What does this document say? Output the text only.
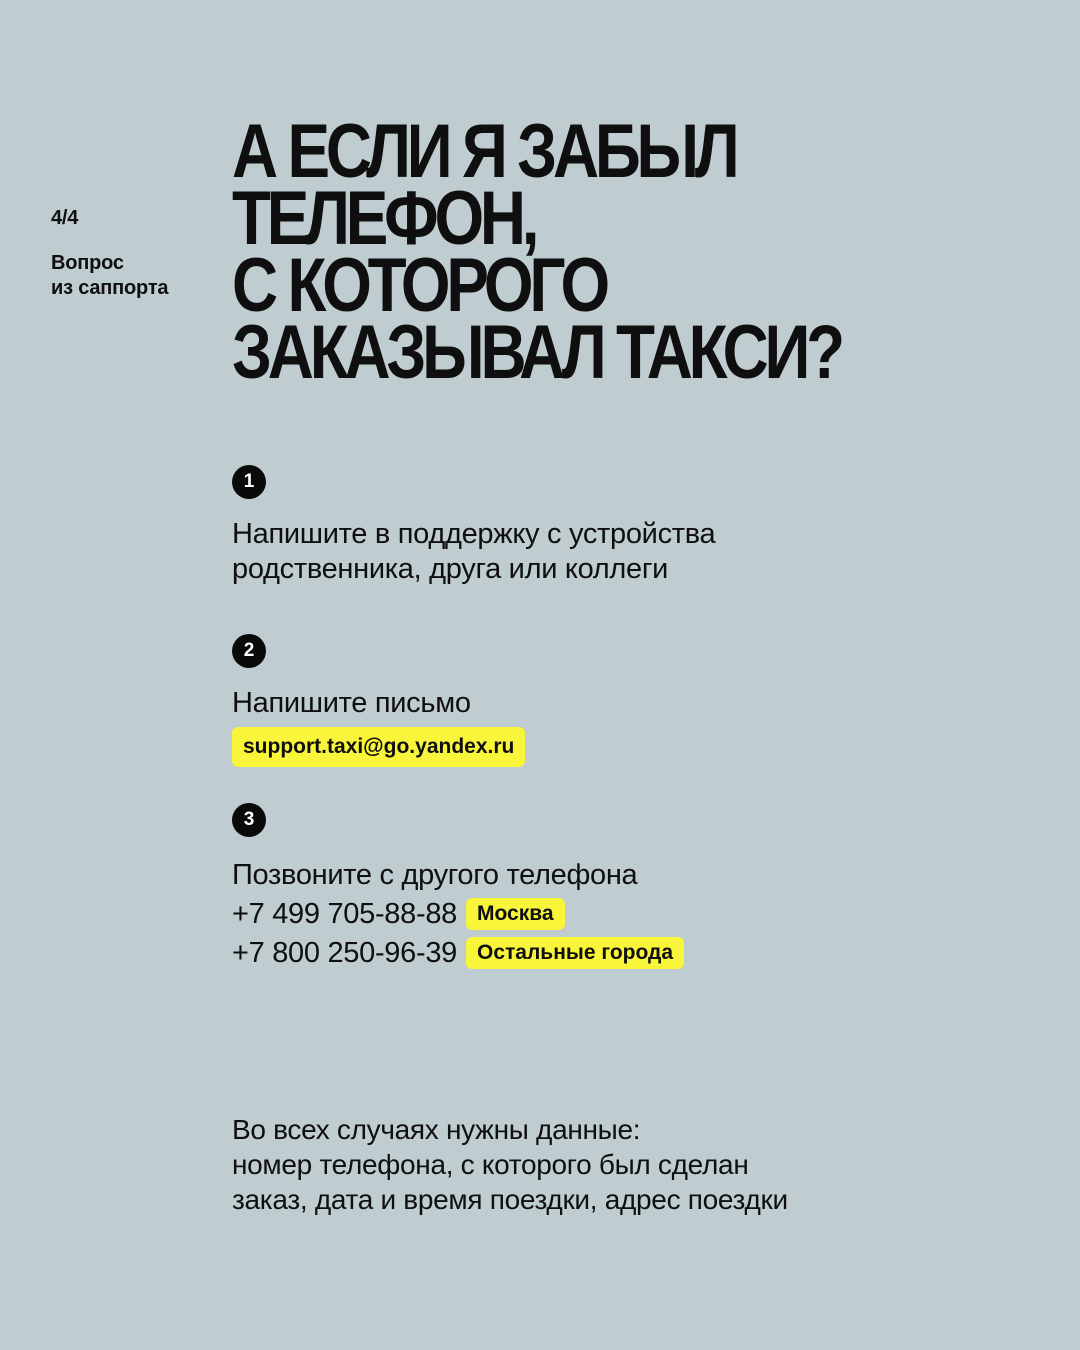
4/4
Вопрос
из саппорта
А ЕСЛИ Я ЗАБЫЛ
ТЕЛЕФОН,
С КОТОРОГО
ЗАКАЗЫВАЛ ТАКСИ?
1
Напишите в поддержку с устройства
родственника, друга или коллеги
2
Напишите письмо
support.taxi@go.yandex.ru
3
Позвоните с другого телефона
+7 499 705-88-88 Москва
+7 800 250-96-39 Остальные города
Во всех случаях нужны данные:
номер телефона, с которого был сделан
заказ, дата и время поездки, адрес поездки
